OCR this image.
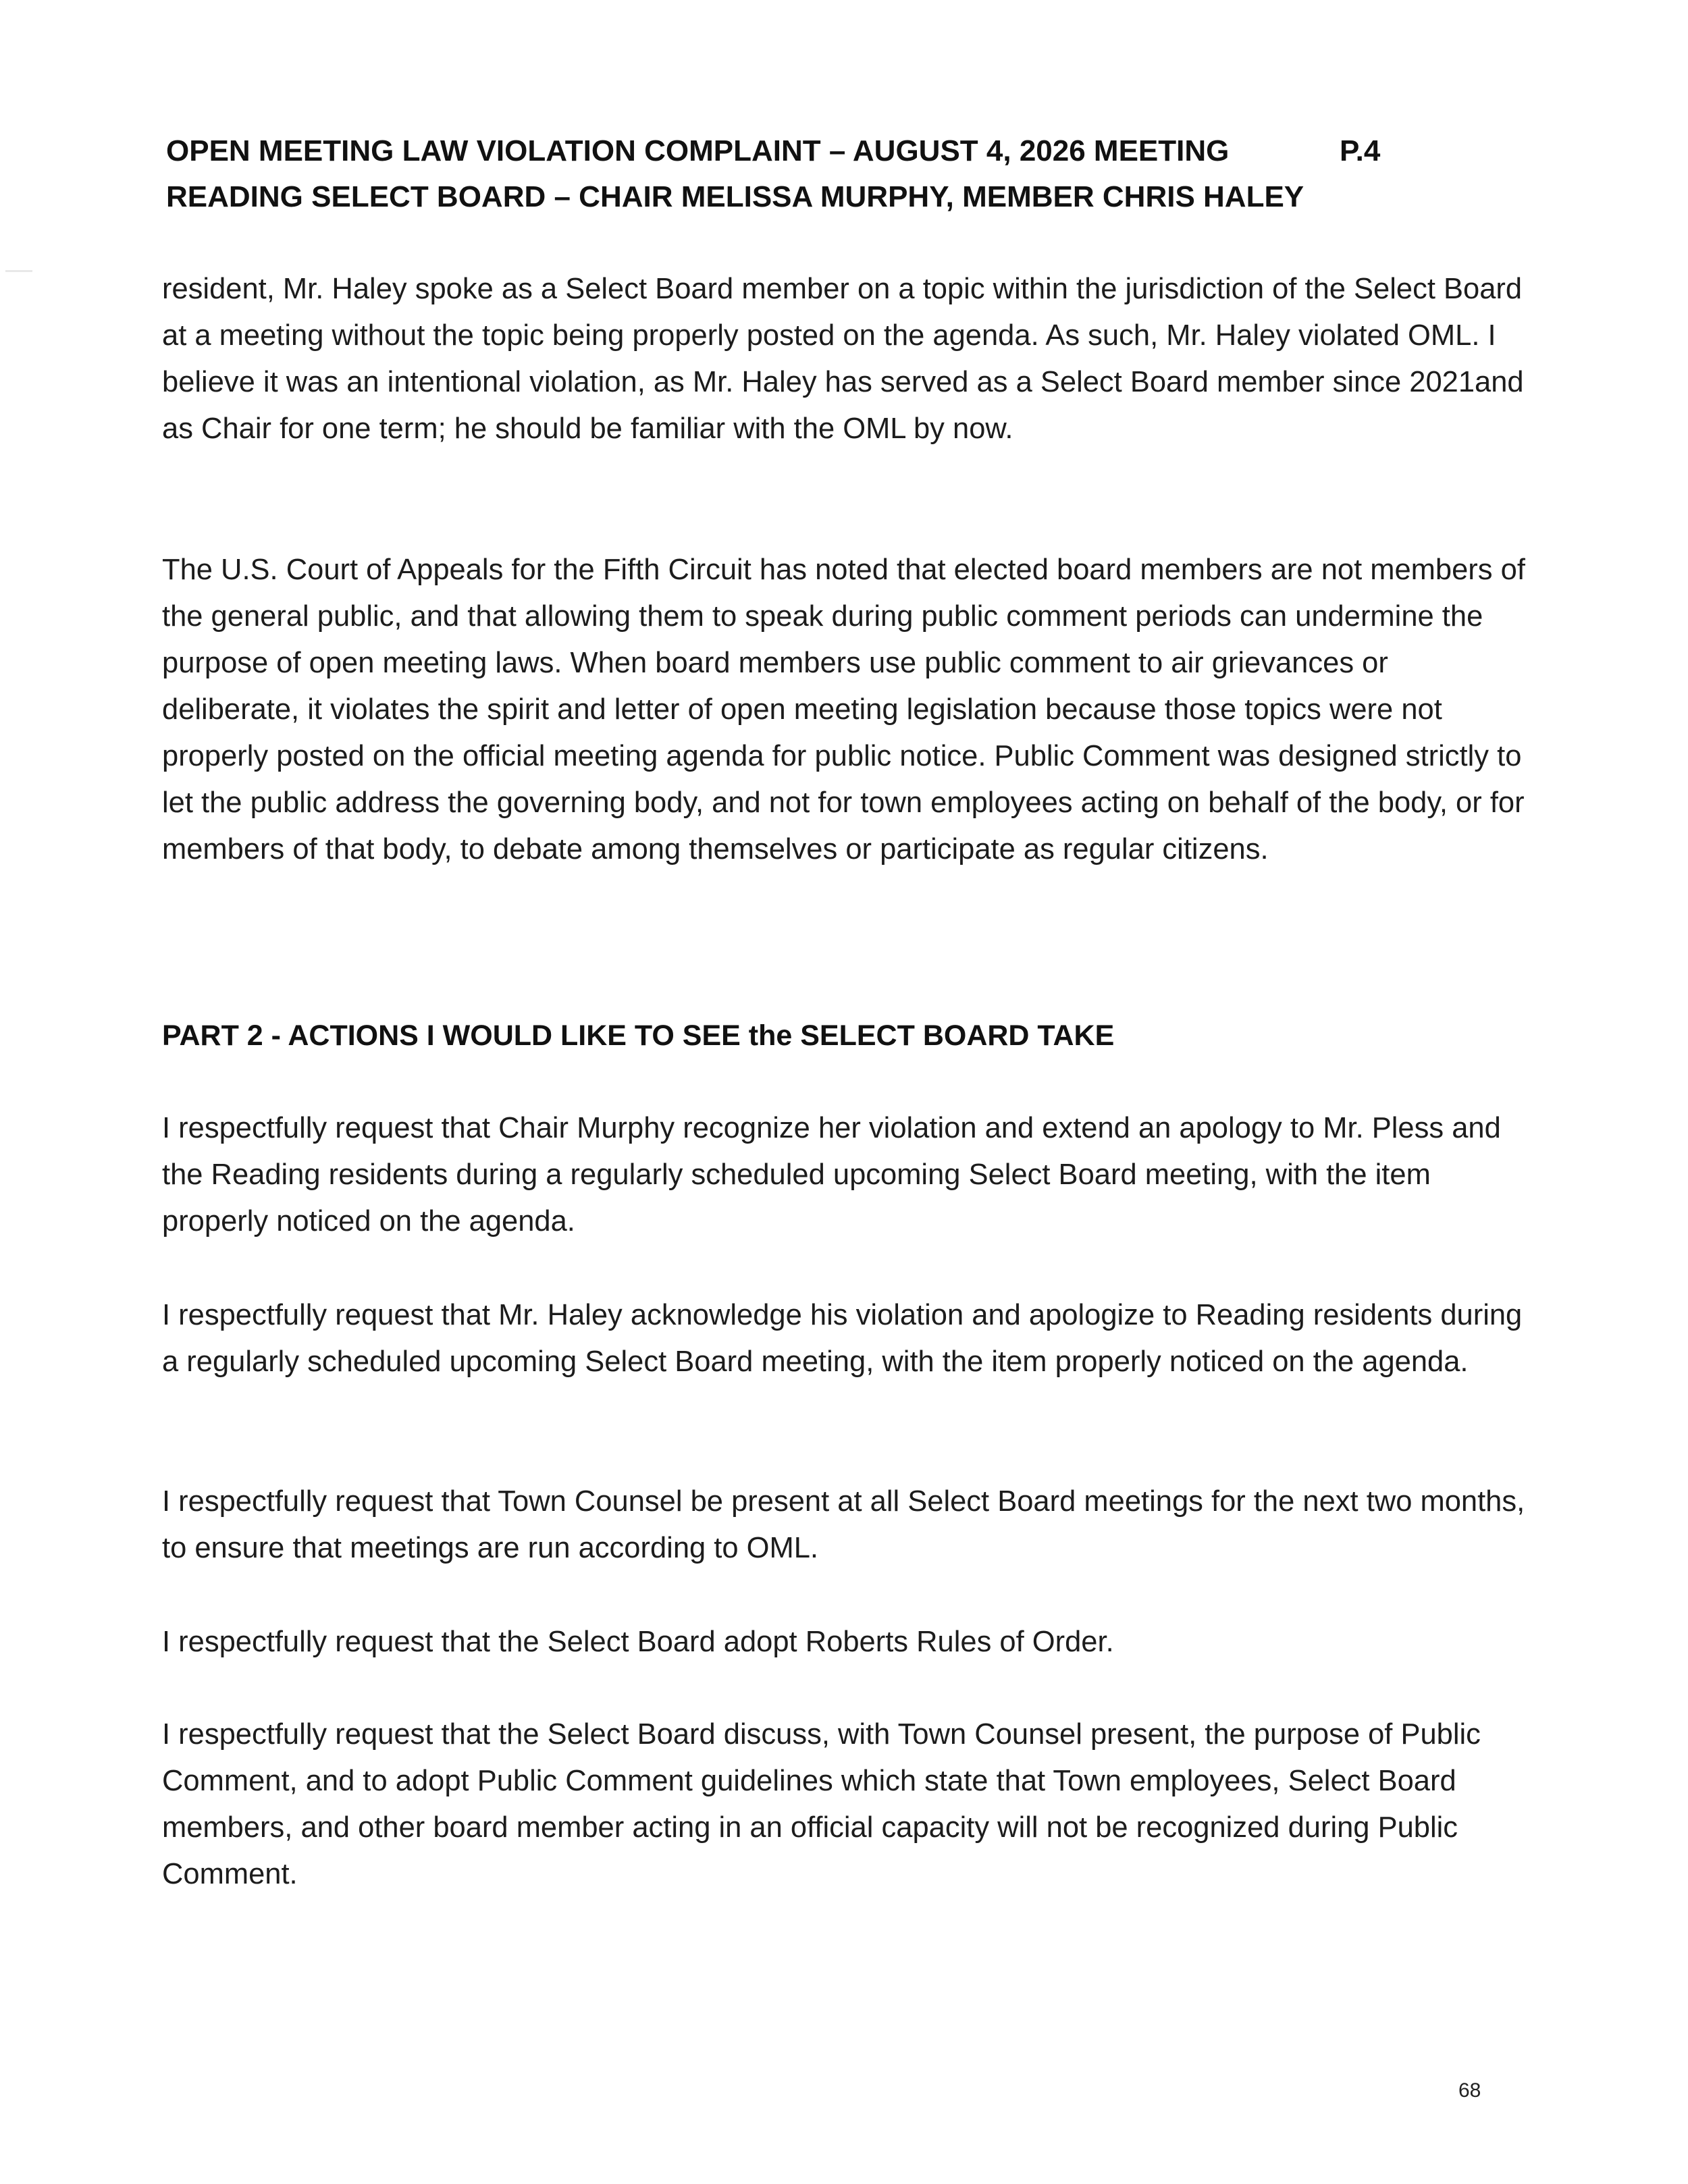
OPEN MEETING LAW VIOLATION COMPLAINT – AUGUST 4, 2026 MEETING	P.4
READING SELECT BOARD – CHAIR MELISSA MURPHY, MEMBER CHRIS HALEY

resident, Mr. Haley spoke as a Select Board member on a topic within the jurisdiction of the Select Board at a meeting without the topic being properly posted on the agenda. As such, Mr. Haley violated OML. I believe it was an intentional violation, as Mr. Haley has served as a Select Board member since 2021and as Chair for one term; he should be familiar with the OML by now.

The U.S. Court of Appeals for the Fifth Circuit has noted that elected board members are not members of the general public, and that allowing them to speak during public comment periods can undermine the purpose of open meeting laws. When board members use public comment to air grievances or deliberate, it violates the spirit and letter of open meeting legislation because those topics were not properly posted on the official meeting agenda for public notice. Public Comment was designed strictly to let the public address the governing body, and not for town employees acting on behalf of the body, or for members of that body, to debate among themselves or participate as regular citizens.

PART 2 - ACTIONS I WOULD LIKE TO SEE the SELECT BOARD TAKE

I respectfully request that Chair Murphy recognize her violation and extend an apology to Mr. Pless and the Reading residents during a regularly scheduled upcoming Select Board meeting, with the item properly noticed on the agenda.

I respectfully request that Mr. Haley acknowledge his violation and apologize to Reading residents during a regularly scheduled upcoming Select Board meeting, with the item properly noticed on the agenda.

I respectfully request that Town Counsel be present at all Select Board meetings for the next two months, to ensure that meetings are run according to OML.

I respectfully request that the Select Board adopt Roberts Rules of Order.

I respectfully request that the Select Board discuss, with Town Counsel present, the purpose of Public Comment, and to adopt Public Comment guidelines which state that Town employees, Select Board members, and other board member acting in an official capacity will not be recognized during Public Comment.

68
